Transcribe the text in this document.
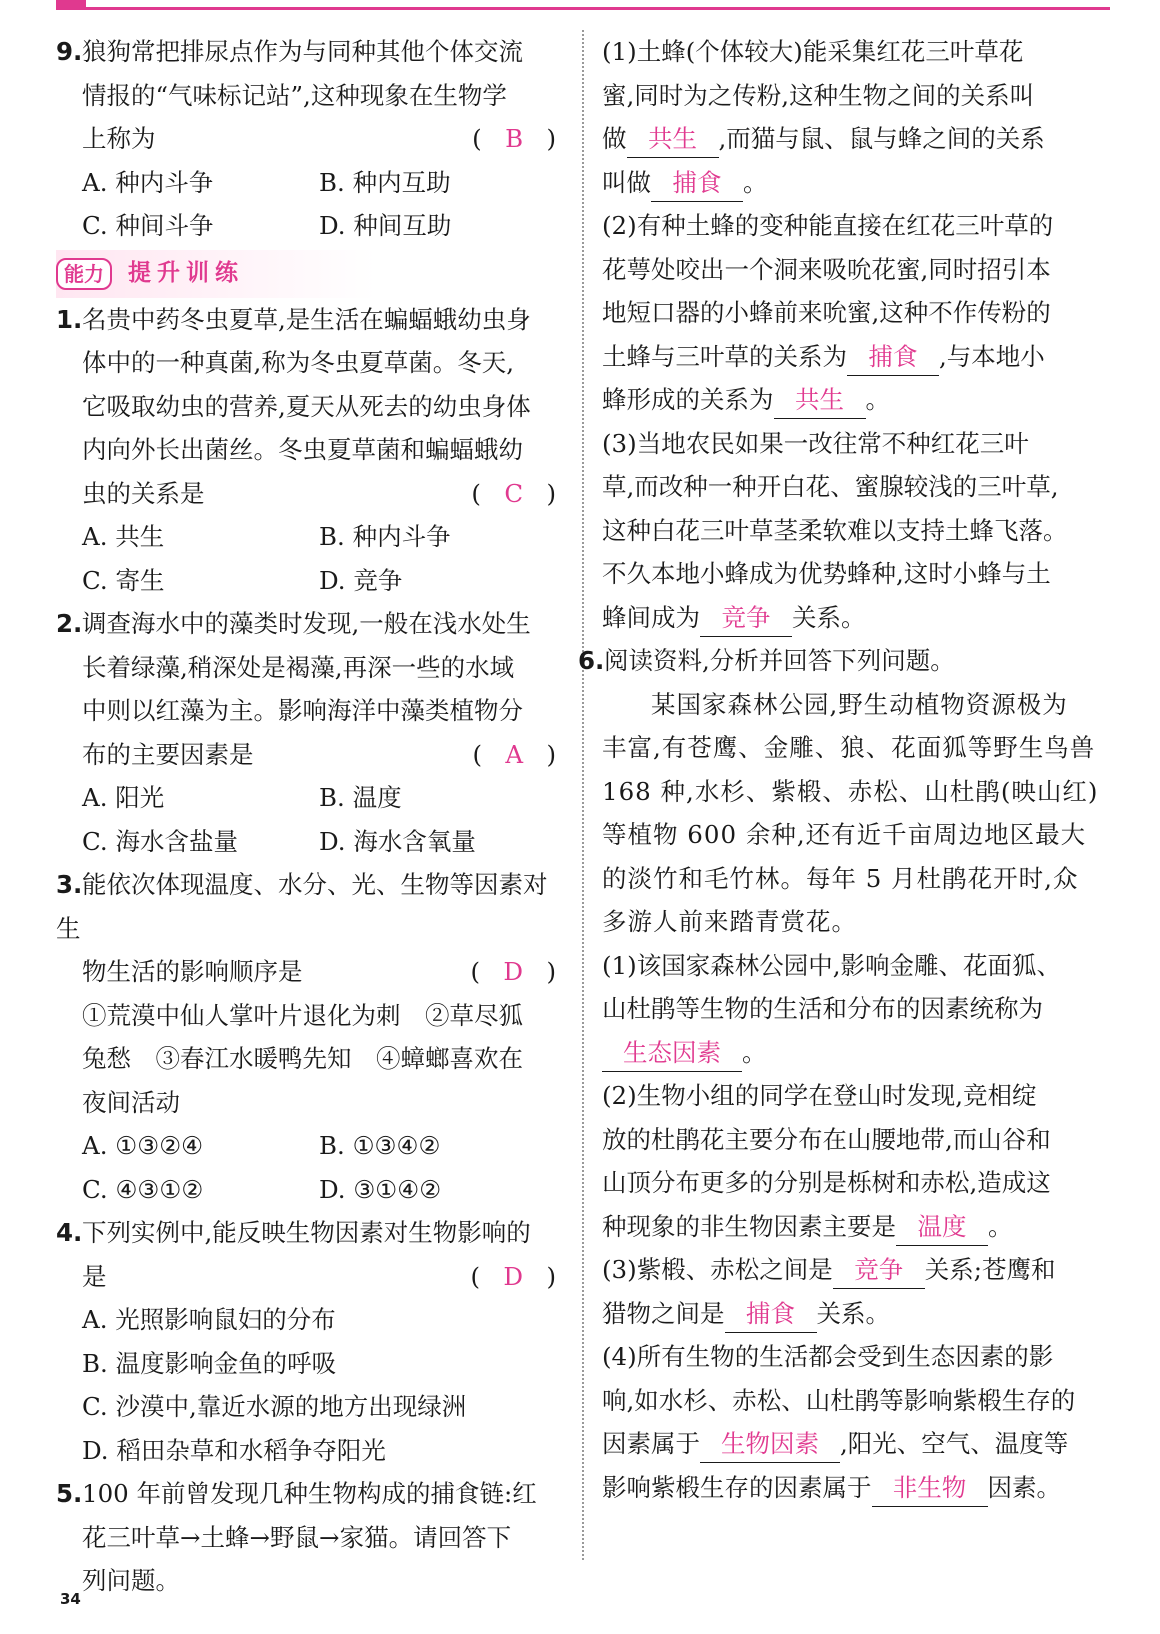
9.狼狗常把排尿点作为与同种其他个体交流
情报的“气味标记站”,这种现象在生物学
上称为	(   B   )
A. 种内斗争	B. 种内互助
C. 种间斗争	D. 种间互助
能力	提升训练
1.名贵中药冬虫夏草,是生活在蝙蝠蛾幼虫身
体中的一种真菌,称为冬虫夏草菌。冬天,
它吸取幼虫的营养,夏天从死去的幼虫身体
内向外长出菌丝。冬虫夏草菌和蝙蝠蛾幼
虫的关系是	(   C   )
A. 共生	B. 种内斗争
C. 寄生	D. 竞争
2.调查海水中的藻类时发现,一般在浅水处生
长着绿藻,稍深处是褐藻,再深一些的水域
中则以红藻为主。影响海洋中藻类植物分
布的主要因素是	(   A   )
A. 阳光	B. 温度
C. 海水含盐量	D. 海水含氧量
3.能依次体现温度、水分、光、生物等因素对生
物生活的影响顺序是	(   D   )
①荒漠中仙人掌叶片退化为刺　②草尽狐
兔愁　③春江水暖鸭先知　④蟑螂喜欢在
夜间活动
A. ①③②④	B. ①③④②
C. ④③①②	D. ③①④②
4.下列实例中,能反映生物因素对生物影响的
是	(   D   )
A. 光照影响鼠妇的分布
B. 温度影响金鱼的呼吸
C. 沙漠中,靠近水源的地方出现绿洲
D. 稻田杂草和水稻争夺阳光
5.100 年前曾发现几种生物构成的捕食链:红
花三叶草→土蜂→野鼠→家猫。请回答下
列问题。
(1)土蜂(个体较大)能采集红花三叶草花
蜜,同时为之传粉,这种生物之间的关系叫
做 共生 ,而猫与鼠、鼠与蜂之间的关系
叫做 捕食 。
(2)有种土蜂的变种能直接在红花三叶草的
花萼处咬出一个洞来吸吮花蜜,同时招引本
地短口器的小蜂前来吮蜜,这种不作传粉的
土蜂与三叶草的关系为 捕食 ,与本地小
蜂形成的关系为 共生 。
(3)当地农民如果一改往常不种红花三叶
草,而改种一种开白花、蜜腺较浅的三叶草,
这种白花三叶草茎柔软难以支持土蜂飞落。
不久本地小蜂成为优势蜂种,这时小蜂与土
蜂间成为 竞争 关系。
6.阅读资料,分析并回答下列问题。
某国家森林公园,野生动植物资源极为
丰富,有苍鹰、金雕、狼、花面狐等野生鸟兽
168 种,水杉、紫椴、赤松、山杜鹃(映山红)
等植物 600 余种,还有近千亩周边地区最大
的淡竹和毛竹林。每年 5 月杜鹃花开时,众
多游人前来踏青赏花。
(1)该国家森林公园中,影响金雕、花面狐、
山杜鹃等生物的生活和分布的因素统称为
生态因素 。
(2)生物小组的同学在登山时发现,竞相绽
放的杜鹃花主要分布在山腰地带,而山谷和
山顶分布更多的分别是栎树和赤松,造成这
种现象的非生物因素主要是 温度 。
(3)紫椴、赤松之间是 竞争 关系;苍鹰和
猎物之间是 捕食 关系。
(4)所有生物的生活都会受到生态因素的影
响,如水杉、赤松、山杜鹃等影响紫椴生存的
因素属于 生物因素 ,阳光、空气、温度等
影响紫椴生存的因素属于 非生物 因素。
34
